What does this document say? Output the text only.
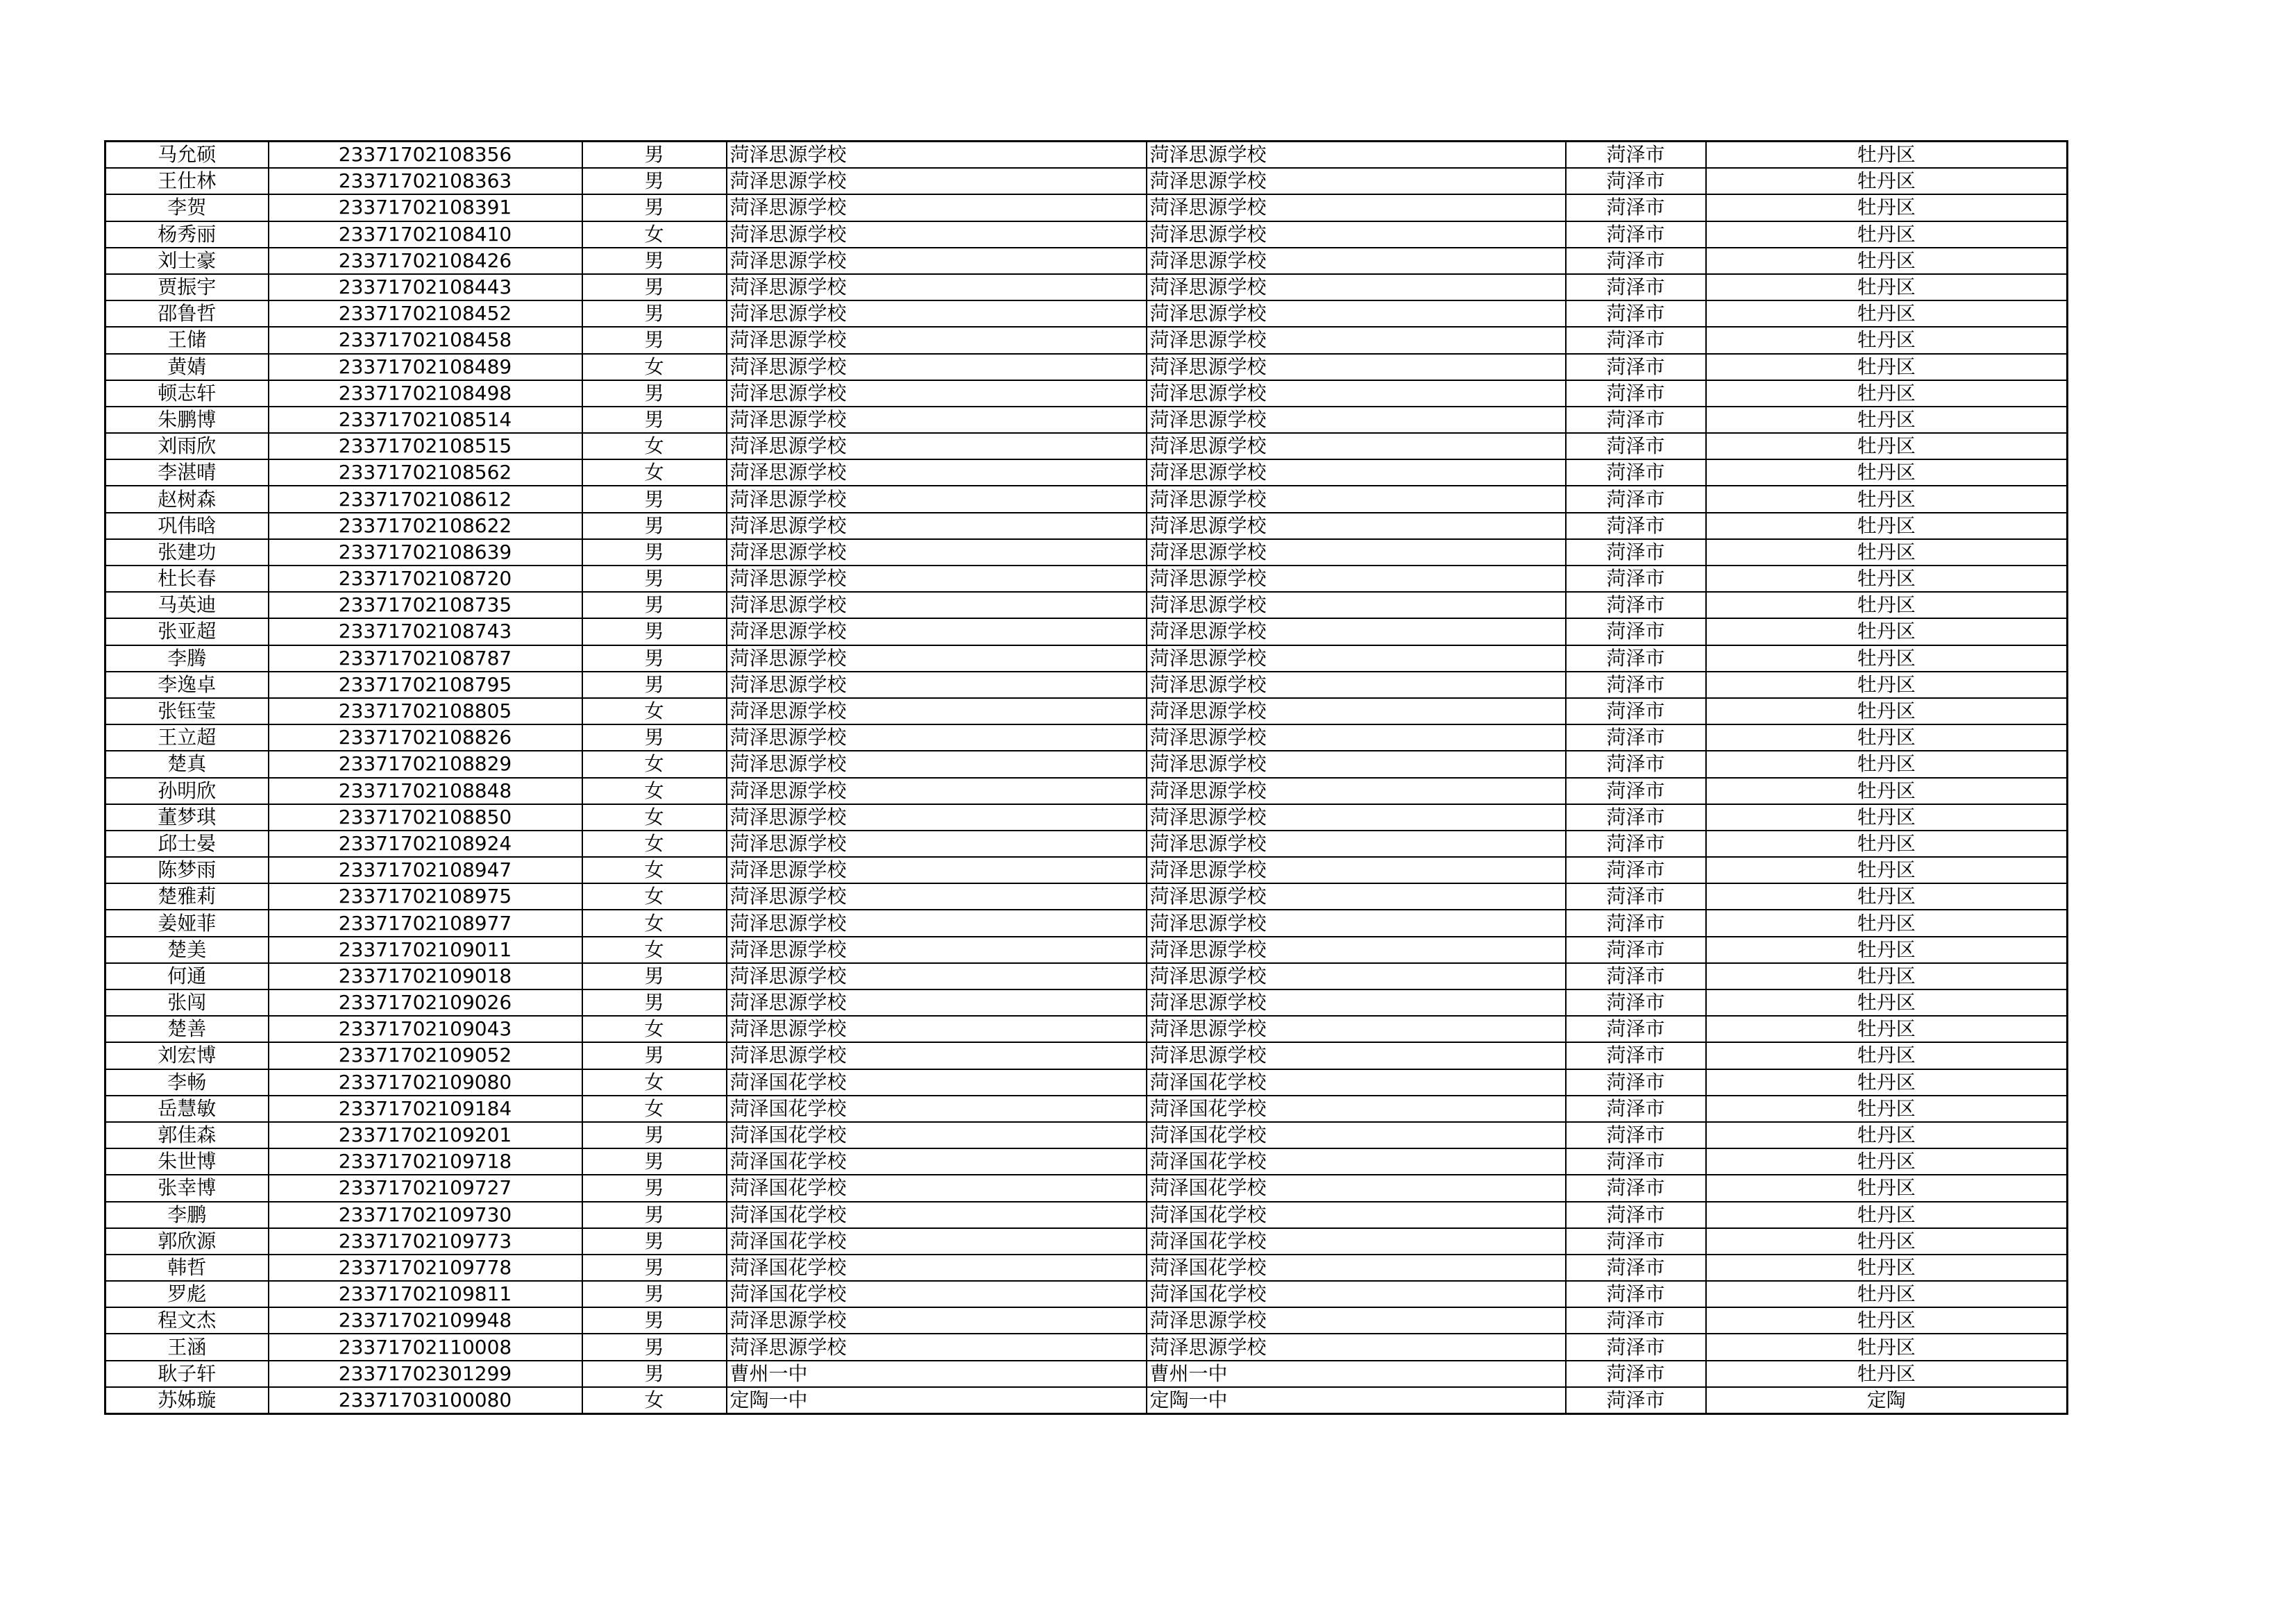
马允硕	23371702108356	男	菏泽思源学校	菏泽思源学校	菏泽市	牡丹区
王仕林	23371702108363	男	菏泽思源学校	菏泽思源学校	菏泽市	牡丹区
李贺	23371702108391	男	菏泽思源学校	菏泽思源学校	菏泽市	牡丹区
杨秀丽	23371702108410	女	菏泽思源学校	菏泽思源学校	菏泽市	牡丹区
刘士豪	23371702108426	男	菏泽思源学校	菏泽思源学校	菏泽市	牡丹区
贾振宇	23371702108443	男	菏泽思源学校	菏泽思源学校	菏泽市	牡丹区
邵鲁哲	23371702108452	男	菏泽思源学校	菏泽思源学校	菏泽市	牡丹区
王储	23371702108458	男	菏泽思源学校	菏泽思源学校	菏泽市	牡丹区
黄婧	23371702108489	女	菏泽思源学校	菏泽思源学校	菏泽市	牡丹区
顿志轩	23371702108498	男	菏泽思源学校	菏泽思源学校	菏泽市	牡丹区
朱鹏博	23371702108514	男	菏泽思源学校	菏泽思源学校	菏泽市	牡丹区
刘雨欣	23371702108515	女	菏泽思源学校	菏泽思源学校	菏泽市	牡丹区
李湛晴	23371702108562	女	菏泽思源学校	菏泽思源学校	菏泽市	牡丹区
赵树森	23371702108612	男	菏泽思源学校	菏泽思源学校	菏泽市	牡丹区
巩伟晗	23371702108622	男	菏泽思源学校	菏泽思源学校	菏泽市	牡丹区
张建功	23371702108639	男	菏泽思源学校	菏泽思源学校	菏泽市	牡丹区
杜长春	23371702108720	男	菏泽思源学校	菏泽思源学校	菏泽市	牡丹区
马英迪	23371702108735	男	菏泽思源学校	菏泽思源学校	菏泽市	牡丹区
张亚超	23371702108743	男	菏泽思源学校	菏泽思源学校	菏泽市	牡丹区
李腾	23371702108787	男	菏泽思源学校	菏泽思源学校	菏泽市	牡丹区
李逸卓	23371702108795	男	菏泽思源学校	菏泽思源学校	菏泽市	牡丹区
张钰莹	23371702108805	女	菏泽思源学校	菏泽思源学校	菏泽市	牡丹区
王立超	23371702108826	男	菏泽思源学校	菏泽思源学校	菏泽市	牡丹区
楚真	23371702108829	女	菏泽思源学校	菏泽思源学校	菏泽市	牡丹区
孙明欣	23371702108848	女	菏泽思源学校	菏泽思源学校	菏泽市	牡丹区
董梦琪	23371702108850	女	菏泽思源学校	菏泽思源学校	菏泽市	牡丹区
邱士晏	23371702108924	女	菏泽思源学校	菏泽思源学校	菏泽市	牡丹区
陈梦雨	23371702108947	女	菏泽思源学校	菏泽思源学校	菏泽市	牡丹区
楚雅莉	23371702108975	女	菏泽思源学校	菏泽思源学校	菏泽市	牡丹区
姜娅菲	23371702108977	女	菏泽思源学校	菏泽思源学校	菏泽市	牡丹区
楚美	23371702109011	女	菏泽思源学校	菏泽思源学校	菏泽市	牡丹区
何通	23371702109018	男	菏泽思源学校	菏泽思源学校	菏泽市	牡丹区
张闯	23371702109026	男	菏泽思源学校	菏泽思源学校	菏泽市	牡丹区
楚善	23371702109043	女	菏泽思源学校	菏泽思源学校	菏泽市	牡丹区
刘宏博	23371702109052	男	菏泽思源学校	菏泽思源学校	菏泽市	牡丹区
李畅	23371702109080	女	菏泽国花学校	菏泽国花学校	菏泽市	牡丹区
岳慧敏	23371702109184	女	菏泽国花学校	菏泽国花学校	菏泽市	牡丹区
郭佳森	23371702109201	男	菏泽国花学校	菏泽国花学校	菏泽市	牡丹区
朱世博	23371702109718	男	菏泽国花学校	菏泽国花学校	菏泽市	牡丹区
张幸博	23371702109727	男	菏泽国花学校	菏泽国花学校	菏泽市	牡丹区
李鹏	23371702109730	男	菏泽国花学校	菏泽国花学校	菏泽市	牡丹区
郭欣源	23371702109773	男	菏泽国花学校	菏泽国花学校	菏泽市	牡丹区
韩哲	23371702109778	男	菏泽国花学校	菏泽国花学校	菏泽市	牡丹区
罗彪	23371702109811	男	菏泽国花学校	菏泽国花学校	菏泽市	牡丹区
程文杰	23371702109948	男	菏泽思源学校	菏泽思源学校	菏泽市	牡丹区
王涵	23371702110008	男	菏泽思源学校	菏泽思源学校	菏泽市	牡丹区
耿子轩	23371702301299	男	曹州一中	曹州一中	菏泽市	牡丹区
苏姊璇	23371703100080	女	定陶一中	定陶一中	菏泽市	定陶
